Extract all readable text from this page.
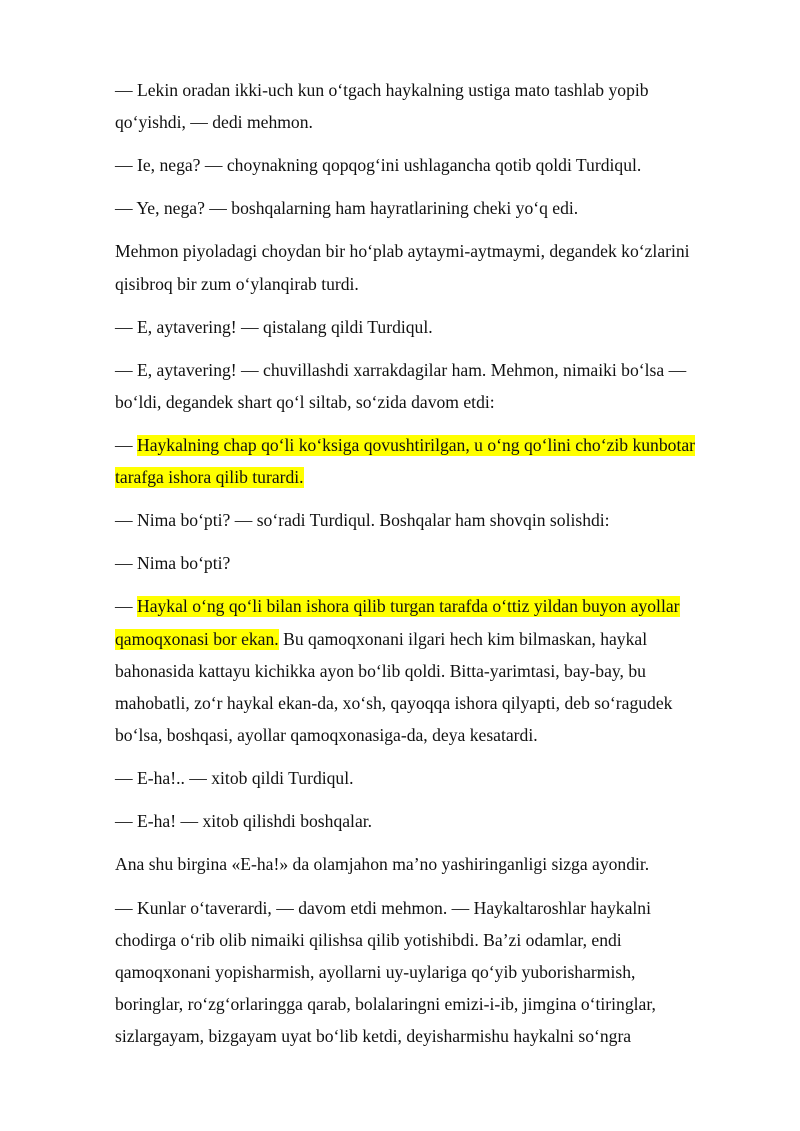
— Lekin oradan ikki-uch kun o‘tgach haykalning ustiga mato tashlab yopib
qo‘yishdi, — dedi mehmon.

— Ie, nega? — choynakning qopqog‘ini ushlagancha qotib qoldi Turdiqul.

— Ye, nega? — boshqalarning ham hayratlarining cheki yo‘q edi.

Mehmon piyoladagi choydan bir ho‘plab aytaymi-aytmaymi, degandek ko‘zlarini
qisibroq bir zum o‘ylanqirab turdi.

— E, aytavering! — qistalang qildi Turdiqul.

— E, aytavering! — chuvillashdi xarrakdagilar ham. Mehmon, nimaiki bo‘lsa —
bo‘ldi, degandek shart qo‘l siltab, so‘zida davom etdi:

— Haykalning chap qo‘li ko‘ksiga qovushtirilgan, u o‘ng qo‘lini cho‘zib kunbotar
tarafga ishora qilib turardi.

— Nima bo‘pti? — so‘radi Turdiqul. Boshqalar ham shovqin solishdi:

— Nima bo‘pti?

— Haykal o‘ng qo‘li bilan ishora qilib turgan tarafda o‘ttiz yildan buyon ayollar
qamoqxonasi bor ekan. Bu qamoqxonani ilgari hech kim bilmaskan, haykal
bahonasida kattayu kichikka ayon bo‘lib qoldi. Bitta-yarimtasi, bay-bay, bu
mahobatli, zo‘r haykal ekan-da, xo‘sh, qayoqqa ishora qilyapti, deb so‘ragudek
bo‘lsa, boshqasi, ayollar qamoqxonasiga-da, deya kesatardi.

— E-ha!.. — xitob qildi Turdiqul.

— E-ha! — xitob qilishdi boshqalar.

Ana shu birgina «E-ha!» da olamjahon ma’no yashiringanligi sizga ayondir.

— Kunlar o‘taverardi, — davom etdi mehmon. — Haykaltaroshlar haykalni
chodirga o‘rib olib nimaiki qilishsa qilib yotishibdi. Ba’zi odamlar, endi
qamoqxonani yopisharmish, ayollarni uy-uylariga qo‘yib yuborisharmish,
boringlar, ro‘zg‘orlaringga qarab, bolalaringni emizi-i-ib, jimgina o‘tiringlar,
sizlargayam, bizgayam uyat bo‘lib ketdi, deyisharmishu haykalni so‘ngra
